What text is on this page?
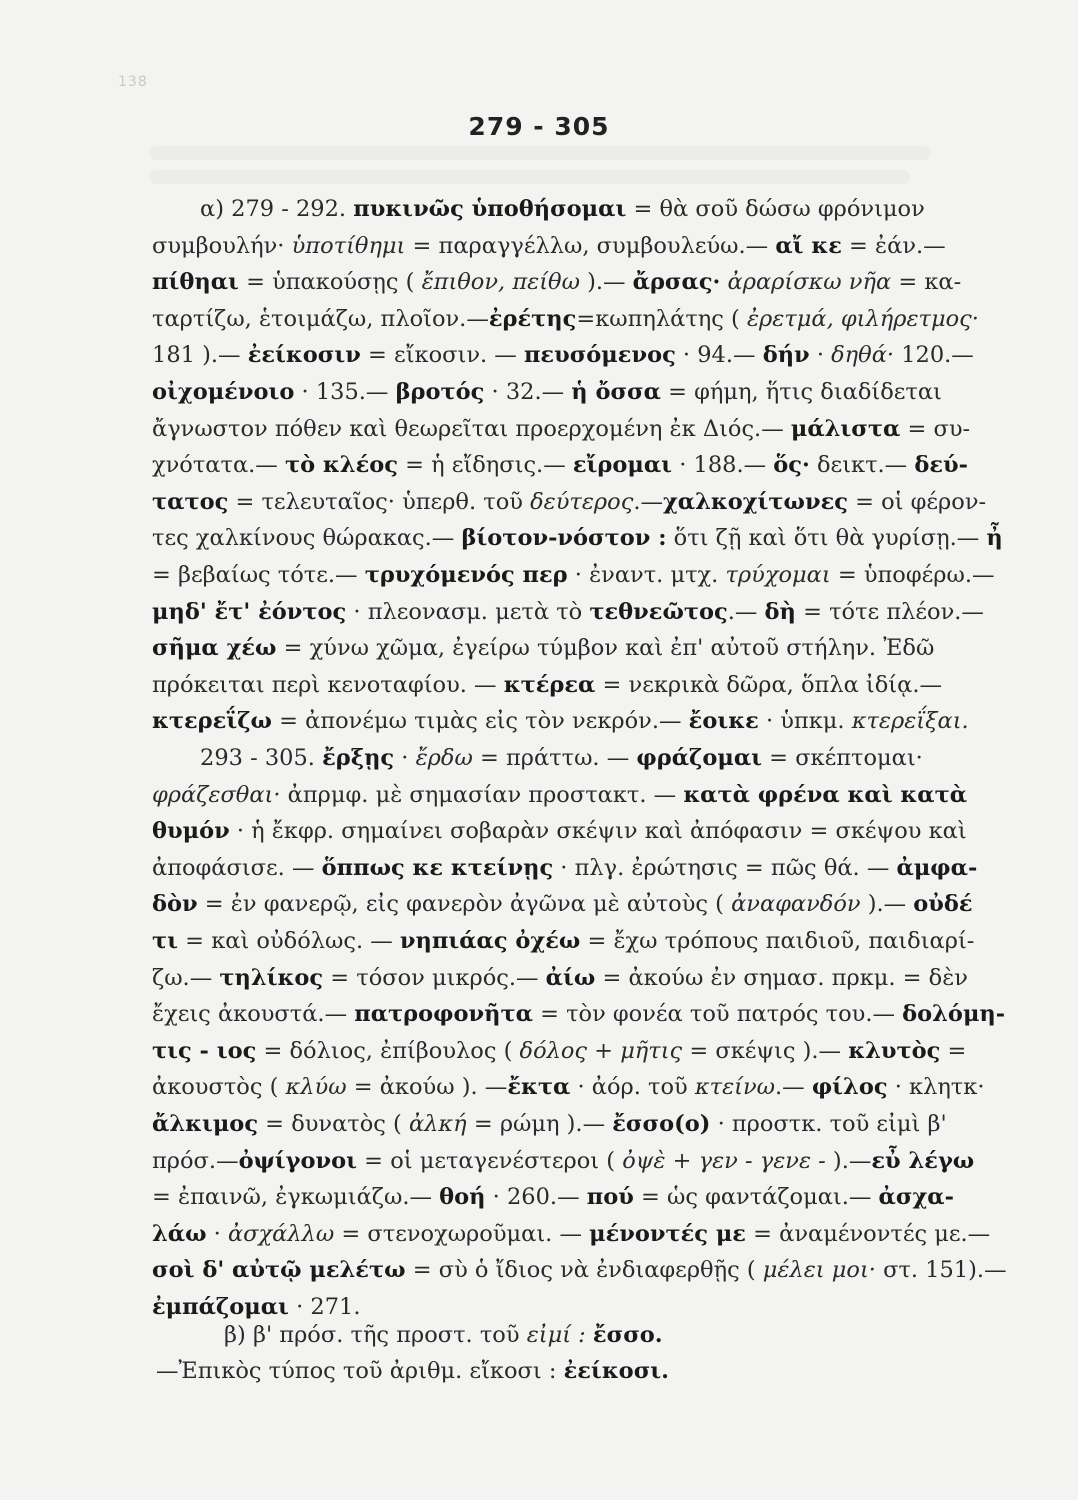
138
279 - 305
α) 279 - 292. πυκινῶς ὑποθήσομαι = θὰ σοῦ δώσω φρόνιμον
συμβουλήν· ὑποτίθημι = παραγγέλλω, συμβουλεύω.— αἴ κε = ἐάν.—
πίθηαι = ὑπακούσῃς ( ἔπιθον, πείθω ).— ἄρσας· ἀραρίσκω νῆα = κα-
ταρτίζω, ἑτοιμάζω, πλοῖον.—ἐρέτης=κωπηλάτης ( ἐρετμά, φιλήρετμος·
181 ).— ἐείκοσιν = εἴκοσιν. — πευσόμενος · 94.— δήν · δηθά· 120.—
οἰχομένοιο · 135.— βροτός · 32.— ἡ ὄσσα = φήμη, ἥτις διαδίδεται
ἄγνωστον πόθεν καὶ θεωρεῖται προερχομένη ἐκ Διός.— μάλιστα = συ-
χνότατα.— τὸ κλέος = ἡ εἴδησις.— εἴρομαι · 188.— ὅς· δεικτ.— δεύ-
τατος = τελευταῖος· ὑπερθ. τοῦ δεύτερος.—χαλκοχίτωνες = οἱ φέρον-
τες χαλκίνους θώρακας.— βίοτον-νόστον : ὅτι ζῇ καὶ ὅτι θὰ γυρίσῃ.— ἦ
= βεβαίως τότε.— τρυχόμενός περ · ἐναντ. μτχ. τρύχομαι = ὑποφέρω.—
μηδ' ἔτ' ἐόντος · πλεονασμ. μετὰ τὸ τεθνεῶτος.— δὴ = τότε πλέον.—
σῆμα χέω = χύνω χῶμα, ἐγείρω τύμβον καὶ ἐπ' αὐτοῦ στήλην. Ἐδῶ
πρόκειται περὶ κενοταφίου. — κτέρεα = νεκρικὰ δῶρα, ὅπλα ἰδίᾳ.—
κτερεΐζω = ἀπονέμω τιμὰς εἰς τὸν νεκρόν.— ἔοικε · ὑπκμ. κτερεΐξαι.
293 - 305. ἔρξῃς · ἔρδω = πράττω. — φράζομαι = σκέπτομαι·
φράζεσθαι· ἀπρμφ. μὲ σημασίαν προστακτ. — κατὰ φρένα καὶ κατὰ
θυμόν · ἡ ἔκφρ. σημαίνει σοβαρὰν σκέψιν καὶ ἀπόφασιν = σκέψου καὶ
ἀποφάσισε. — ὅππως κε κτείνῃς · πλγ. ἐρώτησις = πῶς θά. — ἀμφα-
δὸν = ἐν φανερῷ, εἰς φανερὸν ἀγῶνα μὲ αὐτοὺς ( ἀναφανδόν ).— οὐδέ
τι = καὶ οὐδόλως. — νηπιάας ὀχέω = ἔχω τρόπους παιδιοῦ, παιδιαρί-
ζω.— τηλίκος = τόσον μικρός.— ἀίω = ἀκούω ἐν σημασ. πρκμ. = δὲν
ἔχεις ἀκουστά.— πατροφονῆτα = τὸν φονέα τοῦ πατρός του.— δολόμη-
τις - ιος = δόλιος, ἐπίβουλος ( δόλος + μῆτις = σκέψις ).— κλυτὸς =
ἀκουστὸς ( κλύω = ἀκούω ). —ἔκτα · ἀόρ. τοῦ κτείνω.— φίλος · κλητκ·
ἄλκιμος = δυνατὸς ( ἀλκή = ρώμη ).— ἔσσο(ο) · προστκ. τοῦ εἰμὶ β'
πρόσ.—ὀψίγονοι = οἱ μεταγενέστεροι ( ὀψὲ + γεν - γενε - ).—εὖ λέγω
= ἐπαινῶ, ἐγκωμιάζω.— θοή · 260.— πού = ὡς φαντάζομαι.— ἀσχα-
λάω · ἀσχάλλω = στενοχωροῦμαι. — μένοντές με = ἀναμένοντές με.—
σοὶ δ' αὐτῷ μελέτω = σὺ ὁ ἴδιος νὰ ἐνδιαφερθῇς ( μέλει μοι· στ. 151).—
ἐμπάζομαι · 271.
β) β' πρόσ. τῆς προστ. τοῦ εἰμί : ἔσσο.
—Ἐπικὸς τύπος τοῦ ἀριθμ. εἴκοσι : ἐείκοσι.
